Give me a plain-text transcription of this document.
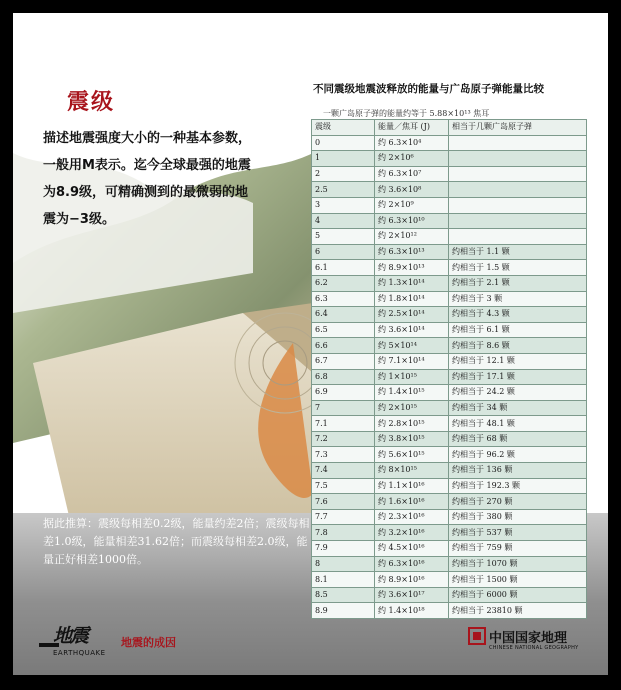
震级

描述地震强度大小的一种基本参数，

一般用M表示。迄今全球最强的地震

为8.9级，可精确测到的最微弱的地

震为−3级。

不同震级地震波释放的能量与广岛原子弹能量比较
一颗广岛原子弹的能量约等于 5.88×10¹³ 焦耳
震级	能量／焦耳 (J)	相当于几颗广岛原子弹
0	约 6.3×10⁴	
1	约 2×10⁶	
2	约 6.3×10⁷	
2.5	约 3.6×10⁸	
3	约 2×10⁹	
4	约 6.3×10¹⁰	
5	约 2×10¹²	
6	约 6.3×10¹³	约相当于 1.1 颗
6.1	约 8.9×10¹³	约相当于 1.5 颗
6.2	约 1.3×10¹⁴	约相当于 2.1 颗
6.3	约 1.8×10¹⁴	约相当于 3 颗
6.4	约 2.5×10¹⁴	约相当于 4.3 颗
6.5	约 3.6×10¹⁴	约相当于 6.1 颗
6.6	约 5×10¹⁴	约相当于 8.6 颗
6.7	约 7.1×10¹⁴	约相当于 12.1 颗
6.8	约 1×10¹⁵	约相当于 17.1 颗
6.9	约 1.4×10¹⁵	约相当于 24.2 颗
7	约 2×10¹⁵	约相当于 34 颗
7.1	约 2.8×10¹⁵	约相当于 48.1 颗
7.2	约 3.8×10¹⁵	约相当于 68 颗
7.3	约 5.6×10¹⁵	约相当于 96.2 颗
7.4	约 8×10¹⁵	约相当于 136 颗
7.5	约 1.1×10¹⁶	约相当于 192.3 颗
7.6	约 1.6×10¹⁶	约相当于 270 颗
7.7	约 2.3×10¹⁶	约相当于 380 颗
7.8	约 3.2×10¹⁶	约相当于 537 颗
7.9	约 4.5×10¹⁶	约相当于 759 颗
8	约 6.3×10¹⁶	约相当于 1070 颗
8.1	约 8.9×10¹⁶	约相当于 1500 颗
8.5	约 3.6×10¹⁷	约相当于 6000 颗
8.9	约 1.4×10¹⁸	约相当于 23810 颗
据此推算：震级每相差0.2级，能量约差2倍；震级每相差1.0级，能量相差31.62倍；而震级每相差2.0级，能量正好相差1000倍。
地震
EARTHQUAKE
地震的成因	中国国家地理
CHINESE NATIONAL GEOGRAPHY
